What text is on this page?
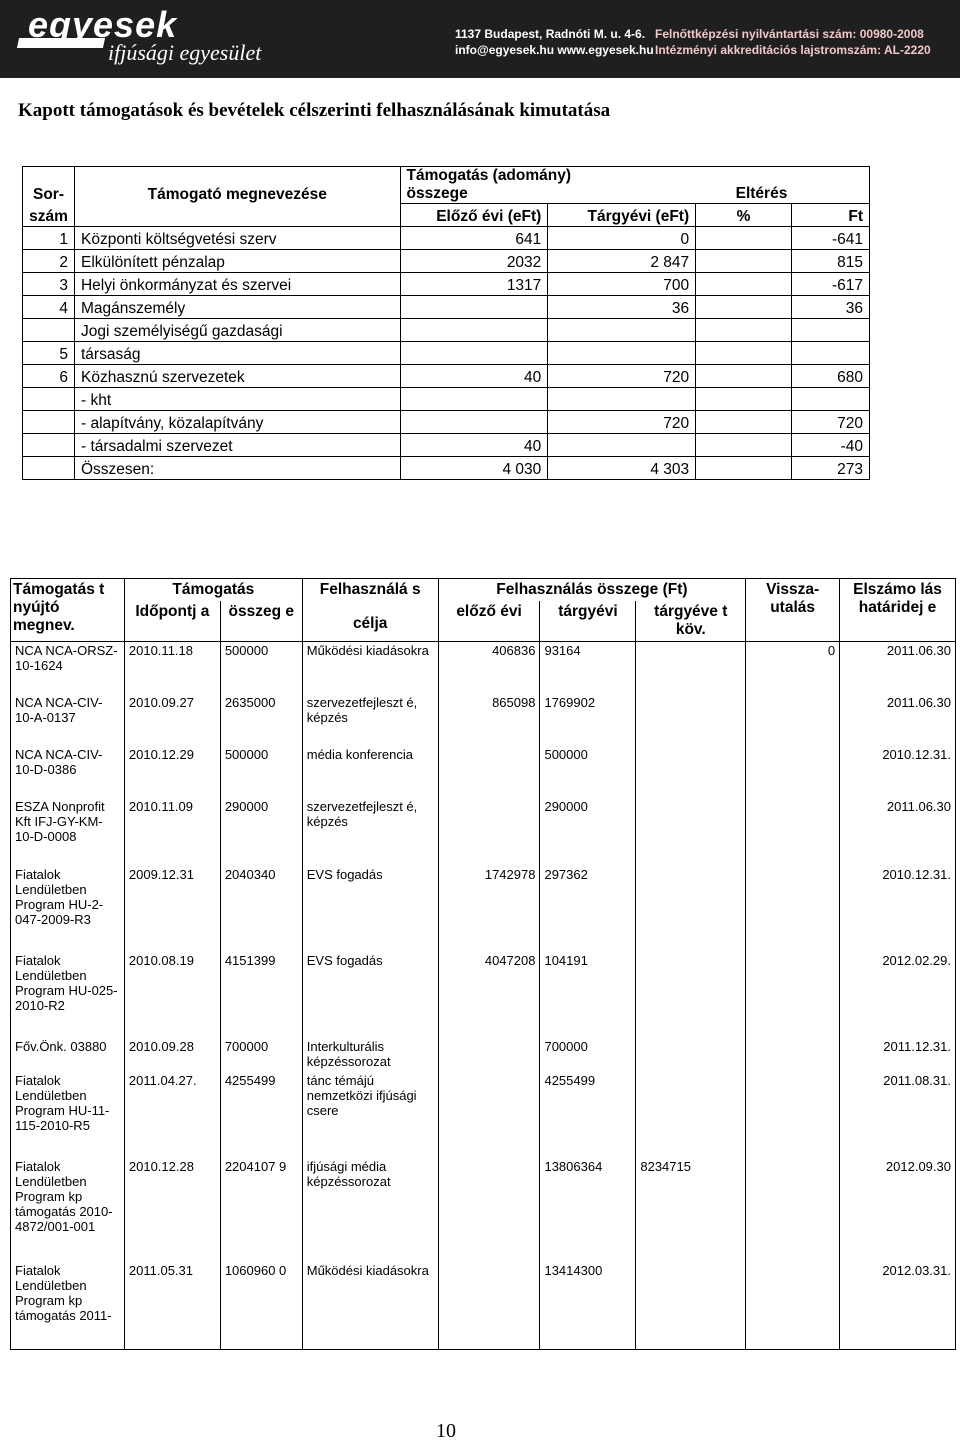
egyesek
ifjúsági egyesület
1137 Budapest, Radnóti M. u. 4-6.
info@egyesek.hu www.egyesek.hu
Felnőttképzési nyilvántartási szám: 00980-2008
Intézményi akkreditációs lajstromszám: AL-2220
Kapott támogatások és bevételek célszerinti felhasználásának kimutatása
Sor-	Támogató megnevezése	Támogatás (adomány)
összege		Eltérés	
szám		Előző évi (eFt)	Tárgyévi (eFt)	%	Ft
1	Központi költségvetési szerv	641	0		-641
2	Elkülönített pénzalap	2032	2 847		815
3	Helyi önkormányzat és szervei	1317	700		-617
4	Magánszemély		36		36
	Jogi személyiségű gazdasági				
5	társaság				
6	Közhasznú szervezetek	40	720		680
	- kht				
	- alapítvány, közalapítvány		720		720
	- társadalmi szervezet	40			-40
	Összesen:	4 030	4 303		273
Támogatás t nyújtó megnev.	Támogatás		Felhasználá s
célja	Felhasználás összege (Ft)			Vissza-utalás	Elszámo lás határidej e
	Időpontj a	összeg e		előző évi	tárgyévi	tárgyéve t köv.		
NCA NCA-ORSZ-10-1624	2010.11.18	500000	Működési kiadásokra	406836	93164		0	2011.06.30
NCA NCA-CIV-10-A-0137	2010.09.27	2635000	szervezetfejleszt é, képzés	865098	1769902			2011.06.30
NCA NCA-CIV-10-D-0386	2010.12.29	500000	média konferencia		500000			2010.12.31.
ESZA Nonprofit Kft IFJ-GY-KM-10-D-0008	2010.11.09	290000	szervezetfejleszt é, képzés		290000			2011.06.30
Fiatalok Lendületben Program HU-2-047-2009-R3	2009.12.31	2040340	EVS fogadás	1742978	297362			2010.12.31.
Fiatalok Lendületben Program HU-025-2010-R2	2010.08.19	4151399	EVS fogadás	4047208	104191			2012.02.29.
Főv.Önk. 03880	2010.09.28	700000	Interkulturális képzéssorozat		700000			2011.12.31.
Fiatalok Lendületben Program HU-11-115-2010-R5	2011.04.27.	4255499	tánc témájú nemzetközi ifjúsági csere		4255499			2011.08.31.
Fiatalok Lendületben Program kp támogatás 2010-4872/001-001	2010.12.28	2204107 9	ifjúsági média képzéssorozat		13806364	8234715		2012.09.30
Fiatalok Lendületben Program kp támogatás 2011-	2011.05.31	1060960 0	Működési kiadásokra		13414300			2012.03.31.
10
